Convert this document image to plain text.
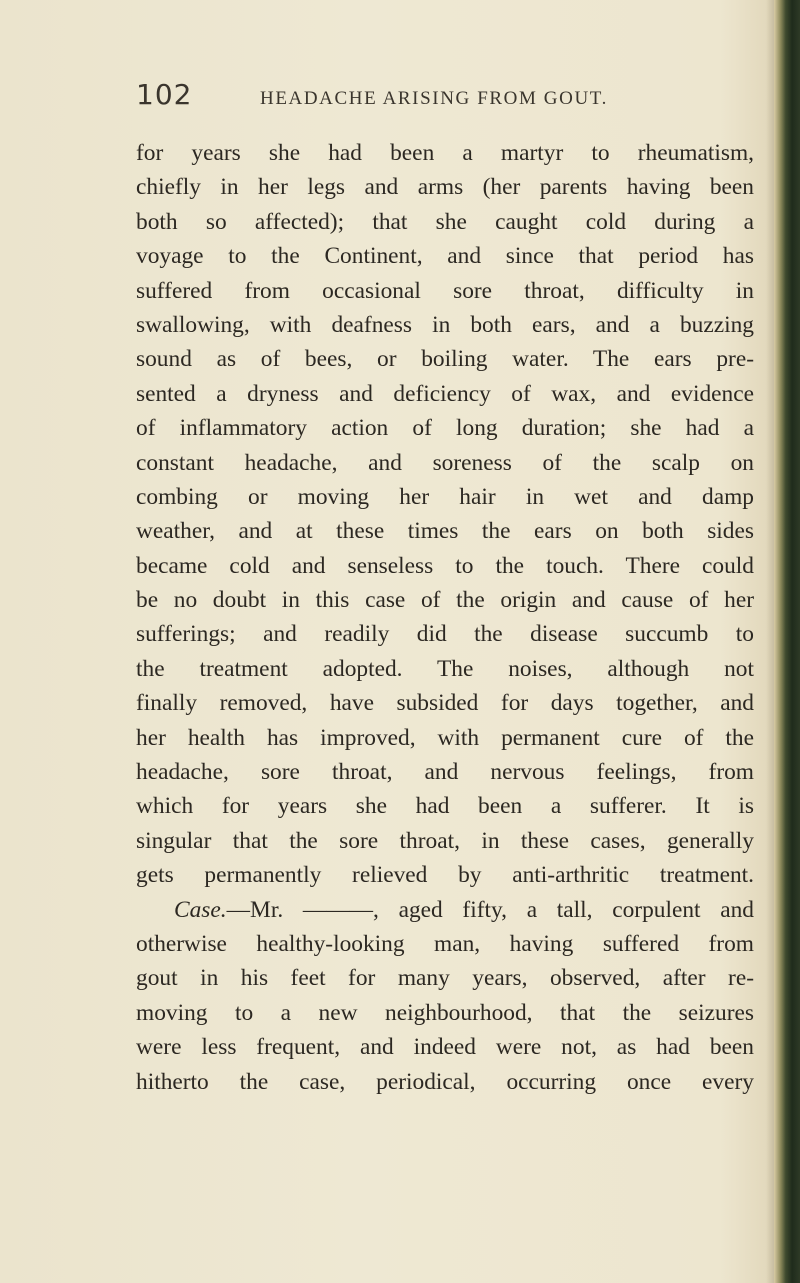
102	HEADACHE ARISING FROM GOUT.
for years she had been a martyr to rheumatism,
chiefly in her legs and arms (her parents having been
both so affected); that she caught cold during a
voyage to the Continent, and since that period has
suffered from occasional sore throat, difficulty in
swallowing, with deafness in both ears, and a buzzing
sound as of bees, or boiling water. The ears pre-
sented a dryness and deficiency of wax, and evidence
of inflammatory action of long duration; she had a
constant headache, and soreness of the scalp on
combing or moving her hair in wet and damp
weather, and at these times the ears on both sides
became cold and senseless to the touch. There could
be no doubt in this case of the origin and cause of her
sufferings; and readily did the disease succumb to
the treatment adopted. The noises, although not
finally removed, have subsided for days together, and
her health has improved, with permanent cure of the
headache, sore throat, and nervous feelings, from
which for years she had been a sufferer. It is
singular that the sore throat, in these cases, generally
gets permanently relieved by anti-arthritic treatment.
Case.—Mr. ———, aged fifty, a tall, corpulent and
otherwise healthy-looking man, having suffered from
gout in his feet for many years, observed, after re-
moving to a new neighbourhood, that the seizures
were less frequent, and indeed were not, as had been
hitherto the case, periodical, occurring once every
